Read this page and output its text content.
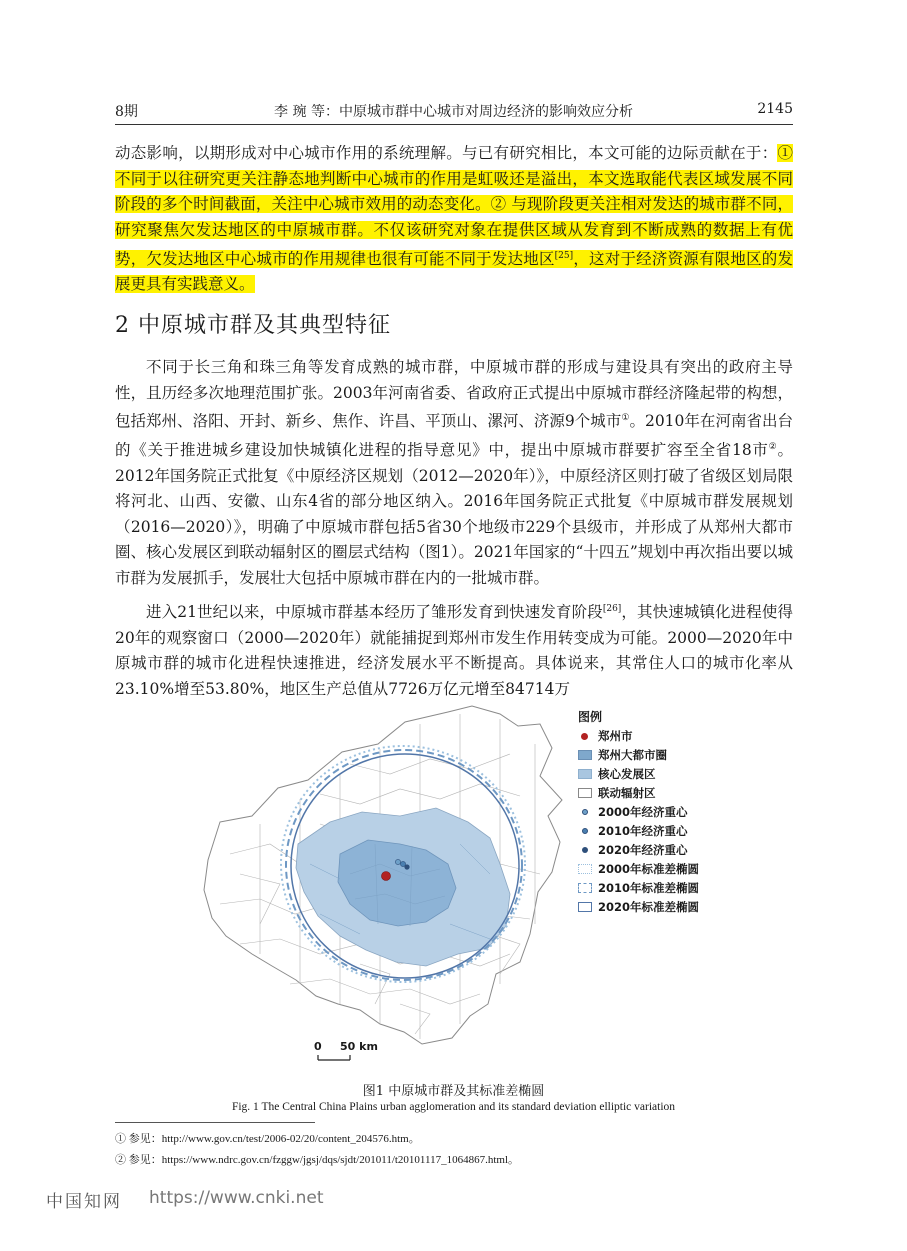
8期	李 琬 等：中原城市群中心城市对周边经济的影响效应分析	2145
动态影响，以期形成对中心城市作用的系统理解。与已有研究相比，本文可能的边际贡献在于：① 不同于以往研究更关注静态地判断中心城市的作用是虹吸还是溢出，本文选取能代表区域发展不同阶段的多个时间截面，关注中心城市效用的动态变化。② 与现阶段更关注相对发达的城市群不同，研究聚焦欠发达地区的中原城市群。不仅该研究对象在提供区域从发育到不断成熟的数据上有优势，欠发达地区中心城市的作用规律也很有可能不同于发达地区[25]，这对于经济资源有限地区的发展更具有实践意义。
2 中原城市群及其典型特征
不同于长三角和珠三角等发育成熟的城市群，中原城市群的形成与建设具有突出的政府主导性，且历经多次地理范围扩张。2003年河南省委、省政府正式提出中原城市群经济隆起带的构想，包括郑州、洛阳、开封、新乡、焦作、许昌、平顶山、漯河、济源9个城市①。2010年在河南省出台的《关于推进城乡建设加快城镇化进程的指导意见》中，提出中原城市群要扩容至全省18市②。2012年国务院正式批复《中原经济区规划（2012—2020年）》，中原经济区则打破了省级区划局限将河北、山西、安徽、山东4省的部分地区纳入。2016年国务院正式批复《中原城市群发展规划（2016—2020）》，明确了中原城市群包括5省30个地级市229个县级市，并形成了从郑州大都市圈、核心发展区到联动辐射区的圈层式结构（图1）。2021年国家的“十四五”规划中再次指出要以城市群为发展抓手，发展壮大包括中原城市群在内的一批城市群。
进入21世纪以来，中原城市群基本经历了雏形发育到快速发育阶段[26]，其快速城镇化进程使得20年的观察窗口（2000—2020年）就能捕捉到郑州市发生作用转变成为可能。2000—2020年中原城市群的城市化进程快速推进，经济发展水平不断提高。具体说来，其常住人口的城市化率从23.10%增至53.80%，地区生产总值从7726万亿元增至84714万
0 50 km
图例
郑州市
郑州大都市圈
核心发展区
联动辐射区
2000年经济重心
2010年经济重心
2020年经济重心
2000年标准差椭圆
2010年标准差椭圆
2020年标准差椭圆
图1 中原城市群及其标准差椭圆
Fig. 1 The Central China Plains urban agglomeration and its standard deviation elliptic variation
① 参见：http://www.gov.cn/test/2006-02/20/content_204576.htm。
② 参见：https://www.ndrc.gov.cn/fzggw/jgsj/dqs/sjdt/201011/t20101117_1064867.html。
中国知网 https://www.cnki.net
